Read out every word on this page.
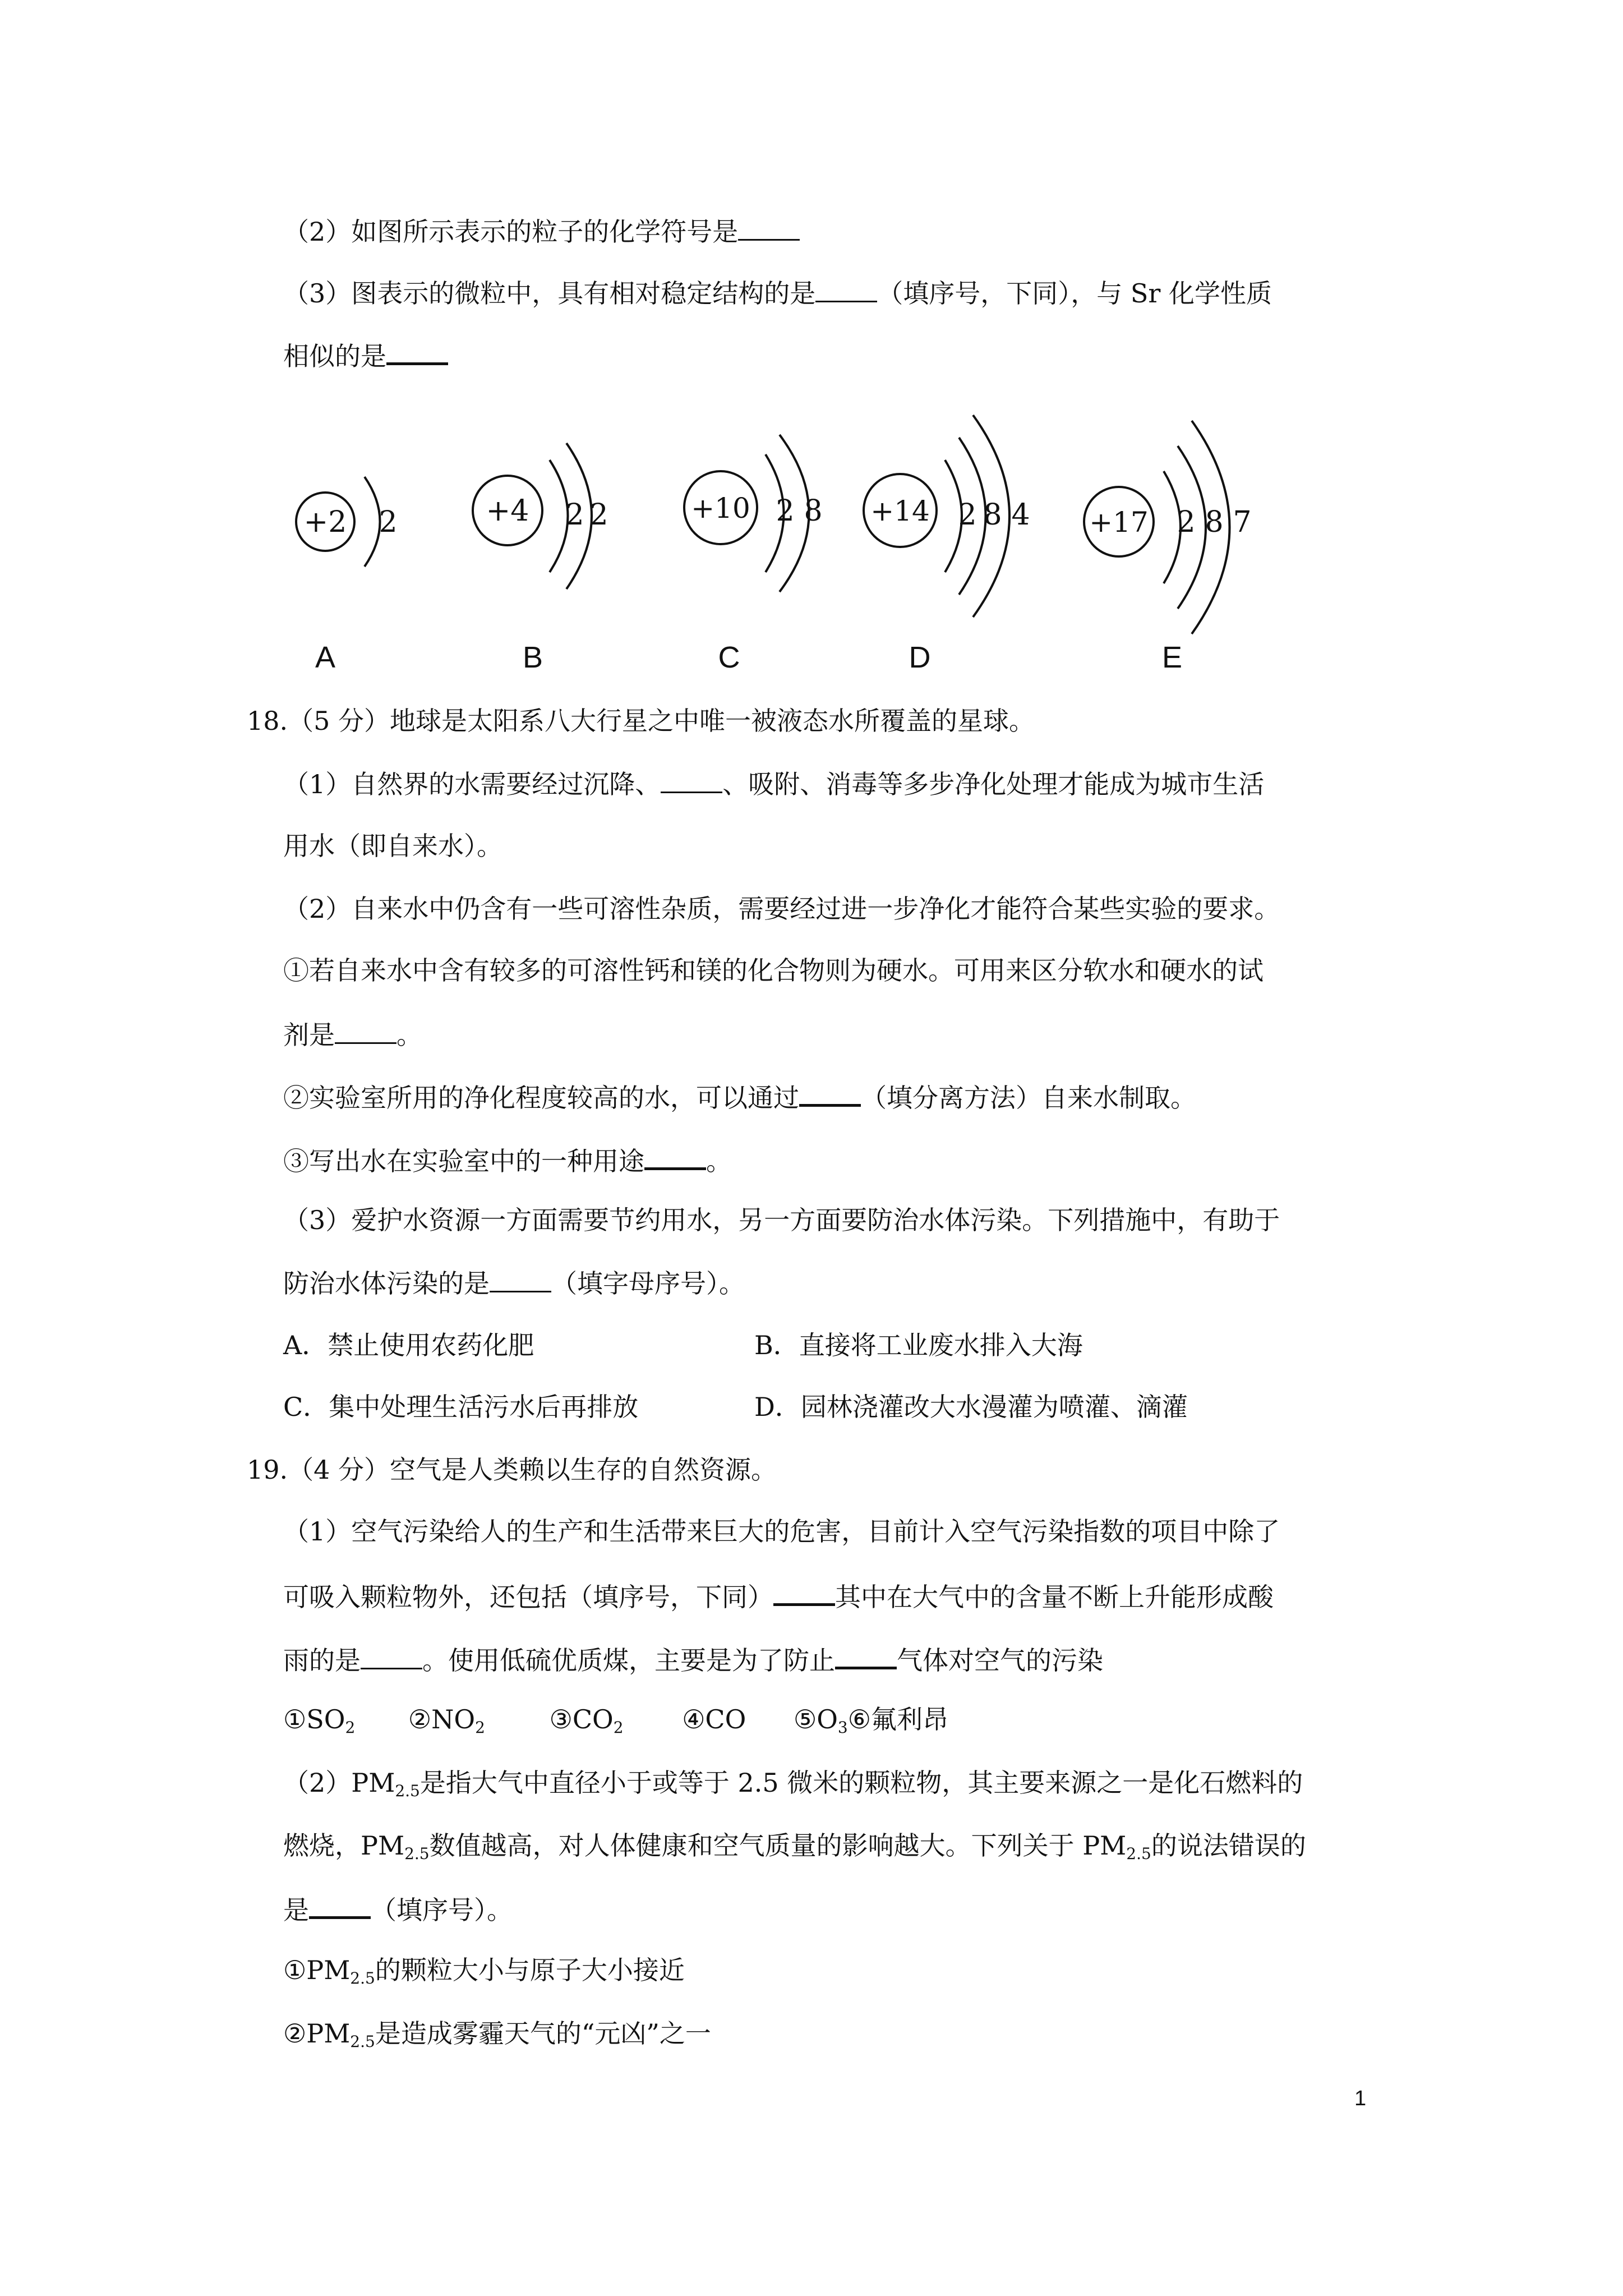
（2）如图所示表示的粒子的化学符号是
（3）图表示的微粒中，具有相对稳定结构的是 （填序号，下同），与 Sr 化学性质
相似的是
+2 2
A
+4 2 2
B
+10 2 8
C
+14 2 8 4
D
+17 2 8 7
E
18.（5 分）地球是太阳系八大行星之中唯一被液态水所覆盖的星球。
（1）自然界的水需要经过沉降、 、吸附、消毒等多步净化处理才能成为城市生活
用水（即自来水）。
（2）自来水中仍含有一些可溶性杂质，需要经过进一步净化才能符合某些实验的要求。
①若自来水中含有较多的可溶性钙和镁的化合物则为硬水。可用来区分软水和硬水的试
剂是 。
②实验室所用的净化程度较高的水，可以通过 （填分离方法）自来水制取。
③写出水在实验室中的一种用途 。
（3）爱护水资源一方面需要节约用水，另一方面要防治水体污染。下列措施中，有助于
防治水体污染的是 （填字母序号）。
A．禁止使用农药化肥	B．直接将工业废水排入大海
C．集中处理生活污水后再排放	D．园林浇灌改大水漫灌为喷灌、滴灌
19.（4 分）空气是人类赖以生存的自然资源。
（1）空气污染给人的生产和生活带来巨大的危害，目前计入空气污染指数的项目中除了
可吸入颗粒物外，还包括（填序号，下同） 其中在大气中的含量不断上升能形成酸
雨的是 。使用低硫优质煤，主要是为了防止 气体对空气的污染
$①SO_2$ $②NO_2$ $③CO_2$ ④CO $⑤O_3⑥$氟利昂
$(2)PM_{2.5}$是指大气中直径小于或等于 2.5 微米的颗粒物，其主要来源之一是化石燃料的
燃烧，$PM_{2.5}$数值越高，对人体健康和空气质量的影响越大。下列关于 $PM_{2.5}$的说法错误的
是 （填序号）。
$①PM_{2.5}$的颗粒大小与原子大小接近
$②PM_{2.5}$是造成雾霾天气的“元凶”之一
1
